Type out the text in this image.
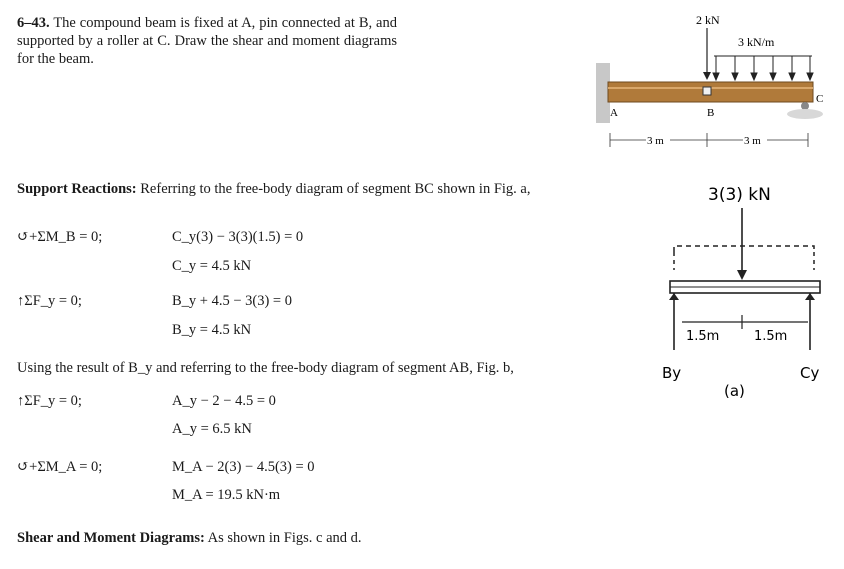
6–43. The compound beam is fixed at A, pin connected at B, and supported by a roller at C. Draw the shear and moment diagrams for the beam.
Support Reactions: Referring to the free-body diagram of segment BC shown in Fig. a,
↺+ΣM_B = 0;	C_y(3) − 3(3)(1.5) = 0
C_y = 4.5 kN
↑ΣF_y = 0;	B_y + 4.5 − 3(3) = 0
B_y = 4.5 kN
Using the result of B_y and referring to the free-body diagram of segment AB, Fig. b,
↑ΣF_y = 0;	A_y − 2 − 4.5 = 0
A_y = 6.5 kN
↺+ΣM_A = 0;	M_A − 2(3) − 4.5(3) = 0
M_A = 19.5 kN·m
Shear and Moment Diagrams: As shown in Figs. c and d.
2 kN
3 kN/m
A	B
C
3 m	3 m
3(3) kN
1.5m	1.5m
By	Cy
(a)
